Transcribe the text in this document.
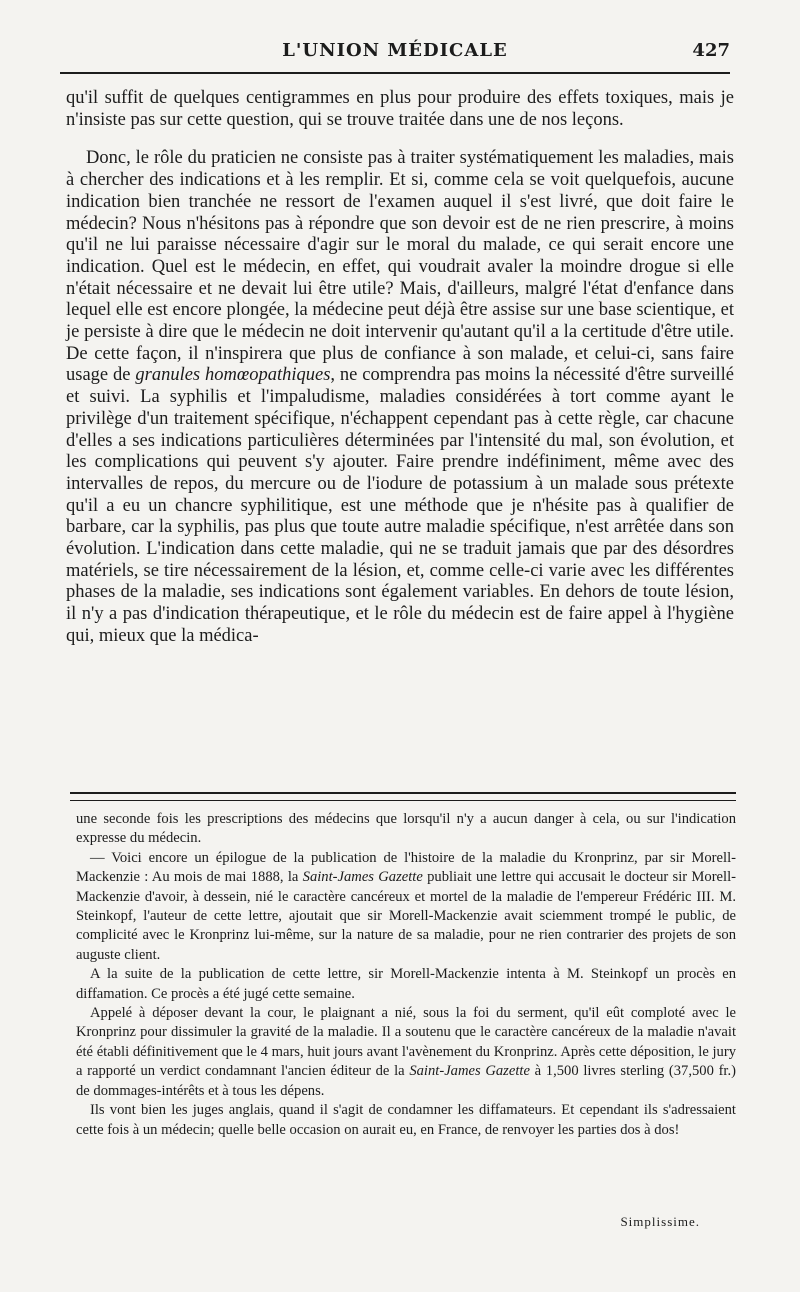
L'UNION MÉDICALE	427

qu'il suffit de quelques centigrammes en plus pour produire des effets toxiques, mais je n'insiste pas sur cette question, qui se trouve traitée dans une de nos leçons.

Donc, le rôle du praticien ne consiste pas à traiter systématiquement les maladies, mais à chercher des indications et à les remplir. Et si, comme cela se voit quelquefois, aucune indication bien tranchée ne ressort de l'examen auquel il s'est livré, que doit faire le médecin? Nous n'hésitons pas à répondre que son devoir est de ne rien prescrire, à moins qu'il ne lui paraisse nécessaire d'agir sur le moral du malade, ce qui serait encore une indication. Quel est le médecin, en effet, qui voudrait avaler la moindre drogue si elle n'était nécessaire et ne devait lui être utile? Mais, d'ailleurs, malgré l'état d'enfance dans lequel elle est encore plongée, la médecine peut déjà être assise sur une base scientique, et je persiste à dire que le médecin ne doit intervenir qu'autant qu'il a la certitude d'être utile. De cette façon, il n'inspirera que plus de confiance à son malade, et celui-ci, sans faire usage de granules homœopathiques, ne comprendra pas moins la nécessité d'être surveillé et suivi. La syphilis et l'impaludisme, maladies considérées à tort comme ayant le privilège d'un traitement spécifique, n'échappent cependant pas à cette règle, car chacune d'elles a ses indications particulières déterminées par l'intensité du mal, son évolution, et les complications qui peuvent s'y ajouter. Faire prendre indéfiniment, même avec des intervalles de repos, du mercure ou de l'iodure de potassium à un malade sous prétexte qu'il a eu un chancre syphilitique, est une méthode que je n'hésite pas à qualifier de barbare, car la syphilis, pas plus que toute autre maladie spécifique, n'est arrêtée dans son évolution. L'indication dans cette maladie, qui ne se traduit jamais que par des désordres matériels, se tire nécessairement de la lésion, et, comme celle-ci varie avec les différentes phases de la maladie, ses indications sont également variables. En dehors de toute lésion, il n'y a pas d'indication thérapeutique, et le rôle du médecin est de faire appel à l'hygiène qui, mieux que la médica-

une seconde fois les prescriptions des médecins que lorsqu'il n'y a aucun danger à cela, ou sur l'indication expresse du médecin.

— Voici encore un épilogue de la publication de l'histoire de la maladie du Kronprinz, par sir Morell-Mackenzie : Au mois de mai 1888, la Saint-James Gazette publiait une lettre qui accusait le docteur sir Morell-Mackenzie d'avoir, à dessein, nié le caractère cancéreux et mortel de la maladie de l'empereur Frédéric III. M. Steinkopf, l'auteur de cette lettre, ajoutait que sir Morell-Mackenzie avait sciemment trompé le public, de complicité avec le Kronprinz lui-même, sur la nature de sa maladie, pour ne rien contrarier des projets de son auguste client.

A la suite de la publication de cette lettre, sir Morell-Mackenzie intenta à M. Steinkopf un procès en diffamation. Ce procès a été jugé cette semaine.

Appelé à déposer devant la cour, le plaignant a nié, sous la foi du serment, qu'il eût comploté avec le Kronprinz pour dissimuler la gravité de la maladie. Il a soutenu que le caractère cancéreux de la maladie n'avait été établi définitivement que le 4 mars, huit jours avant l'avènement du Kronprinz. Après cette déposition, le jury a rapporté un verdict condamnant l'ancien éditeur de la Saint-James Gazette à 1,500 livres sterling (37,500 fr.) de dommages-intérêts et à tous les dépens.

Ils vont bien les juges anglais, quand il s'agit de condamner les diffamateurs. Et cependant ils s'adressaient cette fois à un médecin; quelle belle occasion on aurait eu, en France, de renvoyer les parties dos à dos!

Simplissime.
